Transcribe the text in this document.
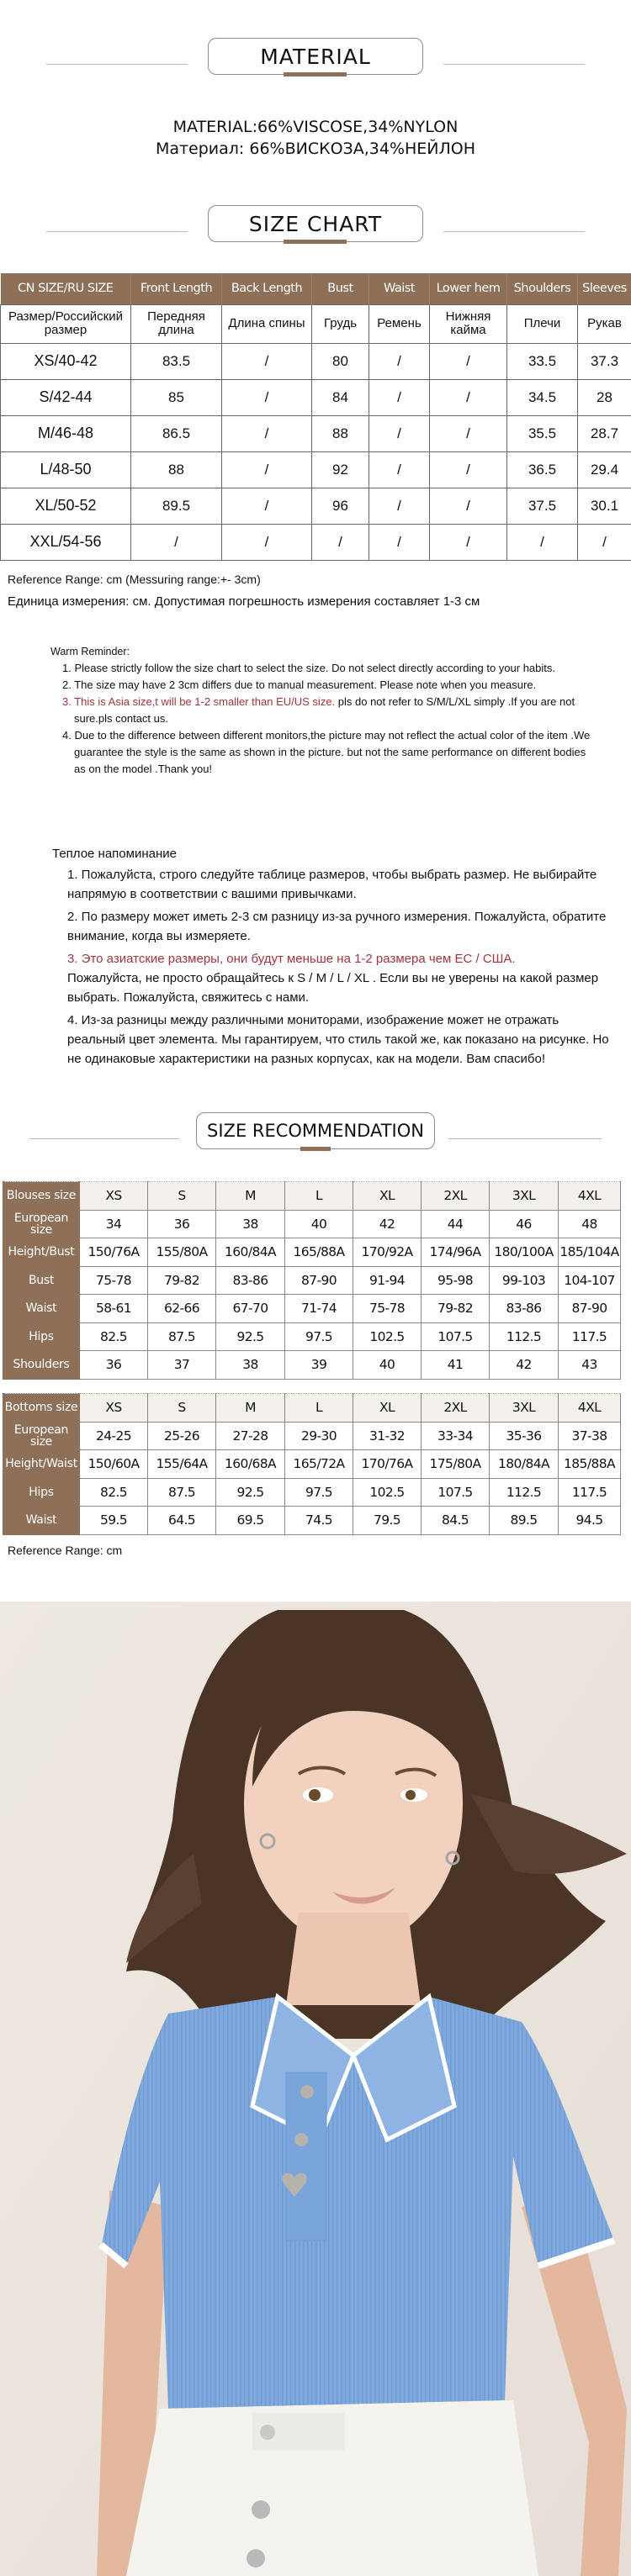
MATERIAL
MATERIAL:66%VISCOSE,34%NYLON
Материал: 66%ВИСКОЗА,34%НЕЙЛОН
SIZE CHART
CN SIZE/RU SIZE	Front Length	Back Length	Bust	Waist	Lower hem	Shoulders	Sleeves
Размер/Российский размер	Передняя длина	Длина спины	Грудь	Ремень	Нижняя кайма	Плечи	Рукав
XS/40-42	83.5	/	80	/	/	33.5	37.3
S/42-44	85	/	84	/	/	34.5	28
M/46-48	86.5	/	88	/	/	35.5	28.7
L/48-50	88	/	92	/	/	36.5	29.4
XL/50-52	89.5	/	96	/	/	37.5	30.1
XXL/54-56	/	/	/	/	/	/	/
Reference Range: cm (Messuring range:+- 3cm)
Единица измерения: см. Допустимая погрешность измерения составляет 1-3 см
Warm Reminder:
1. Please strictly follow the size chart to select the size. Do not select directly according to your habits.
2. The size may have 2 3cm differs due to manual measurement. Please note when you measure.
3. This is Asia size,t will be 1-2 smaller than EU/US size. pls do not refer to S/M/L/XL simply .If you are not sure.pls contact us.
4. Due to the difference between different monitors,the picture may not reflect the actual color of the item .We guarantee the style is the same as shown in the picture. but not the same performance on different bodies as on the model .Thank you!
Теплое напоминание
1. Пожалуйста, строго следуйте таблице размеров, чтобы выбрать размер. Не выбирайте напрямую в соответствии с вашими привычками.
2. По размеру может иметь 2-3 см разницу из-за ручного измерения. Пожалуйста, обратите внимание, когда вы измеряете.
3. Это азиатские размеры, они будут меньше на 1-2 размера чем ЕС / США.
Пожалуйста, не просто обращайтесь к S / M / L / XL . Если вы не уверены на какой размер выбрать. Пожалуйста, свяжитесь с нами.
4. Из-за разницы между различными мониторами, изображение может не отражать реальный цвет элемента. Мы гарантируем, что стиль такой же, как показано на рисунке. Но не одинаковые характеристики на разных корпусах, как на модели. Вам спасибо!
SIZE RECOMMENDATION
Blouses size	XS	S	M	L	XL	2XL	3XL	4XL
European size	34	36	38	40	42	44	46	48
Height/Bust	150/76A	155/80A	160/84A	165/88A	170/92A	174/96A	180/100A	185/104A
Bust	75-78	79-82	83-86	87-90	91-94	95-98	99-103	104-107
Waist	58-61	62-66	67-70	71-74	75-78	79-82	83-86	87-90
Hips	82.5	87.5	92.5	97.5	102.5	107.5	112.5	117.5
Shoulders	36	37	38	39	40	41	42	43
Bottoms size	XS	S	M	L	XL	2XL	3XL	4XL
European size	24-25	25-26	27-28	29-30	31-32	33-34	35-36	37-38
Height/Waist	150/60A	155/64A	160/68A	165/72A	170/76A	175/80A	180/84A	185/88A
Hips	82.5	87.5	92.5	97.5	102.5	107.5	112.5	117.5
Waist	59.5	64.5	69.5	74.5	79.5	84.5	89.5	94.5
Reference Range: cm
